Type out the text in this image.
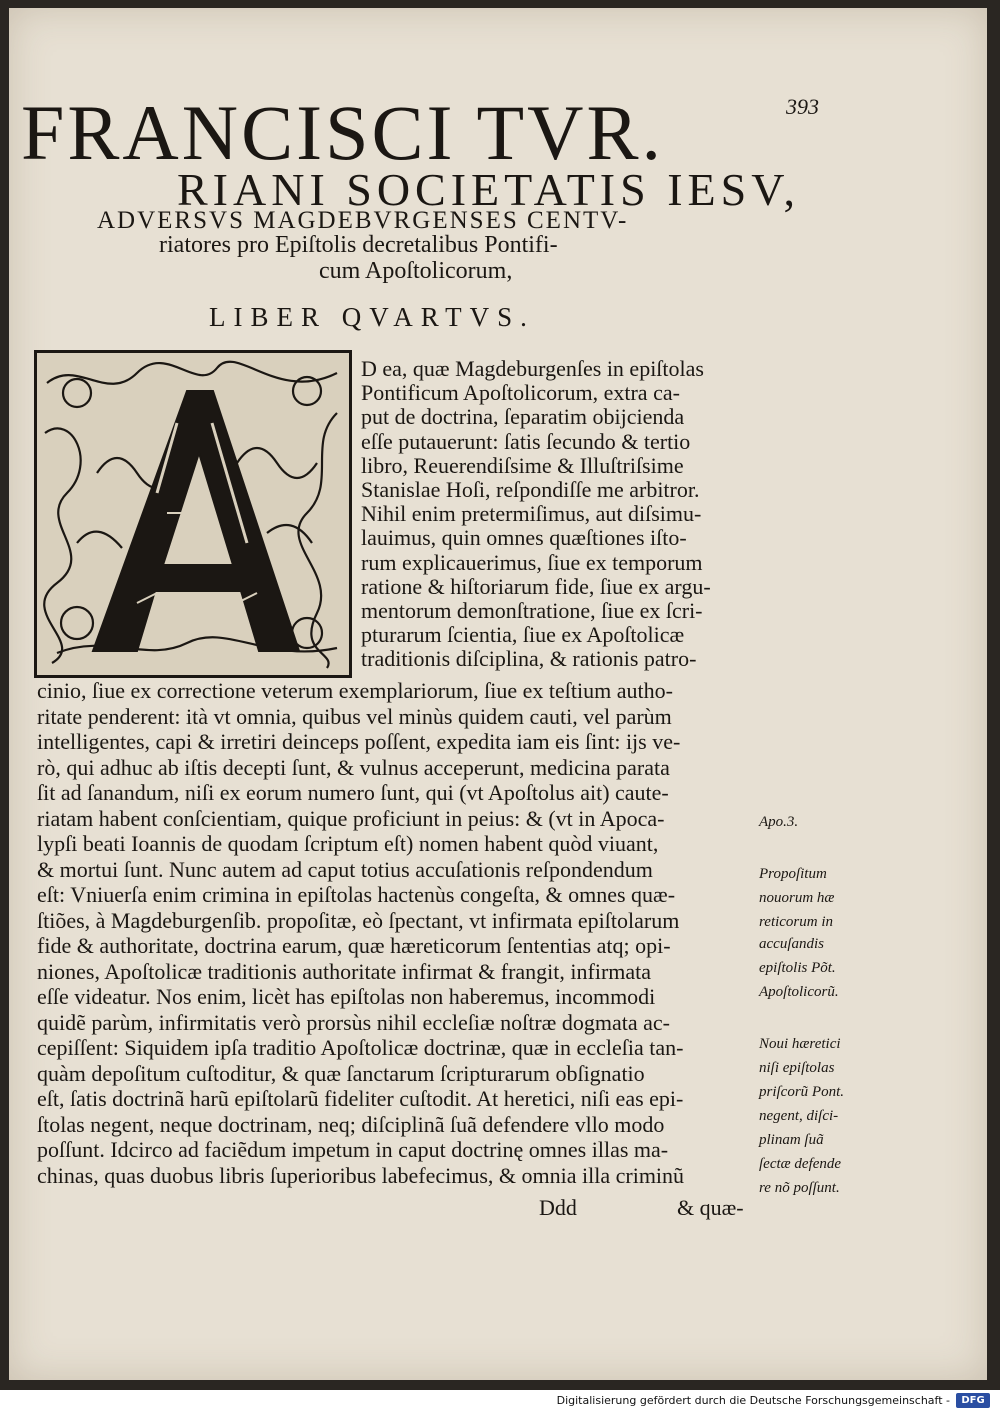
FRANCISCI TVR.	393
RIANI SOCIETATIS IESV,
ADVERSVS MAGDEBVRGENSES CENTV-
riatores pro Epiſtolis decretalibus Pontifi-
cum Apoſtolicorum,
LIBER QVARTVS.
D ea, quæ Magdeburgenſes in epiſtolas
Pontificum Apoſtolicorum, extra ca-
put de doctrina, ſeparatim obijcienda
eſſe putauerunt: ſatis ſecundo & tertio
libro, Reuerendiſsime & Illuſtriſsime
Stanislae Hoſi, reſpondiſſe me arbitror.
Nihil enim pretermiſimus, aut diſsimu-
lauimus, quin omnes quæſtiones iſto-
rum explicauerimus, ſiue ex temporum
ratione & hiſtoriarum fide, ſiue ex argu-
mentorum demonſtratione, ſiue ex ſcri-
pturarum ſcientia, ſiue ex Apoſtolicæ
traditionis diſciplina, & rationis patro-
cinio, ſiue ex correctione veterum exemplariorum, ſiue ex teſtium autho-
ritate penderent: ità vt omnia, quibus vel minùs quidem cauti, vel parùm
intelligentes, capi & irretiri deinceps poſſent, expedita iam eis ſint: ijs ve-
rò, qui adhuc ab iſtis decepti ſunt, & vulnus acceperunt, medicina parata
ſit ad ſanandum, niſi ex eorum numero ſunt, qui (vt Apoſtolus ait) caute-
riatam habent conſcientiam, quique proficiunt in peius: & (vt in Apoca-
lypſi beati Ioannis de quodam ſcriptum eſt) nomen habent quòd viuant,
& mortui ſunt. Nunc autem ad caput totius accuſationis reſpondendum
eſt: Vniuerſa enim crimina in epiſtolas hactenùs congeſta, & omnes quæ-
ſtiões, à Magdeburgenſib. propoſitæ, eò ſpectant, vt infirmata epiſtolarum
fide & authoritate, doctrina earum, quæ hæreticorum ſententias atq; opi-
niones, Apoſtolicæ traditionis authoritate infirmat & frangit, infirmata
eſſe videatur. Nos enim, licèt has epiſtolas non haberemus, incommodi
quidẽ parùm, infirmitatis verò prorsùs nihil eccleſiæ noſtræ dogmata ac-
cepiſſent: Siquidem ipſa traditio Apoſtolicæ doctrinæ, quæ in eccleſia tan-
quàm depoſitum cuſtoditur, & quæ ſanctarum ſcripturarum obſignatio
eſt, ſatis doctrinã harũ epiſtolarũ fideliter cuſtodit. At heretici, niſi eas epi-
ſtolas negent, neque doctrinam, neq; diſciplinã ſuã defendere vllo modo
poſſunt. Idcirco ad faciẽdum impetum in caput doctrinę omnes illas ma-
chinas, quas duobus libris ſuperioribus labefecimus, & omnia illa criminũ
Apo.3.
Propoſitum
nouorum hæ
reticorum in
accuſandis
epiſtolis Põt.
Apoſtolicorũ.
Noui hæretici
niſi epiſtolas
priſcorũ Pont.
negent, diſci-
plinam ſuã
ſectæ defende
re nõ poſſunt.
Ddd	& quæ-
Digitalisierung gefördert durch die Deutsche Forschungsgemeinschaft -	DFG
